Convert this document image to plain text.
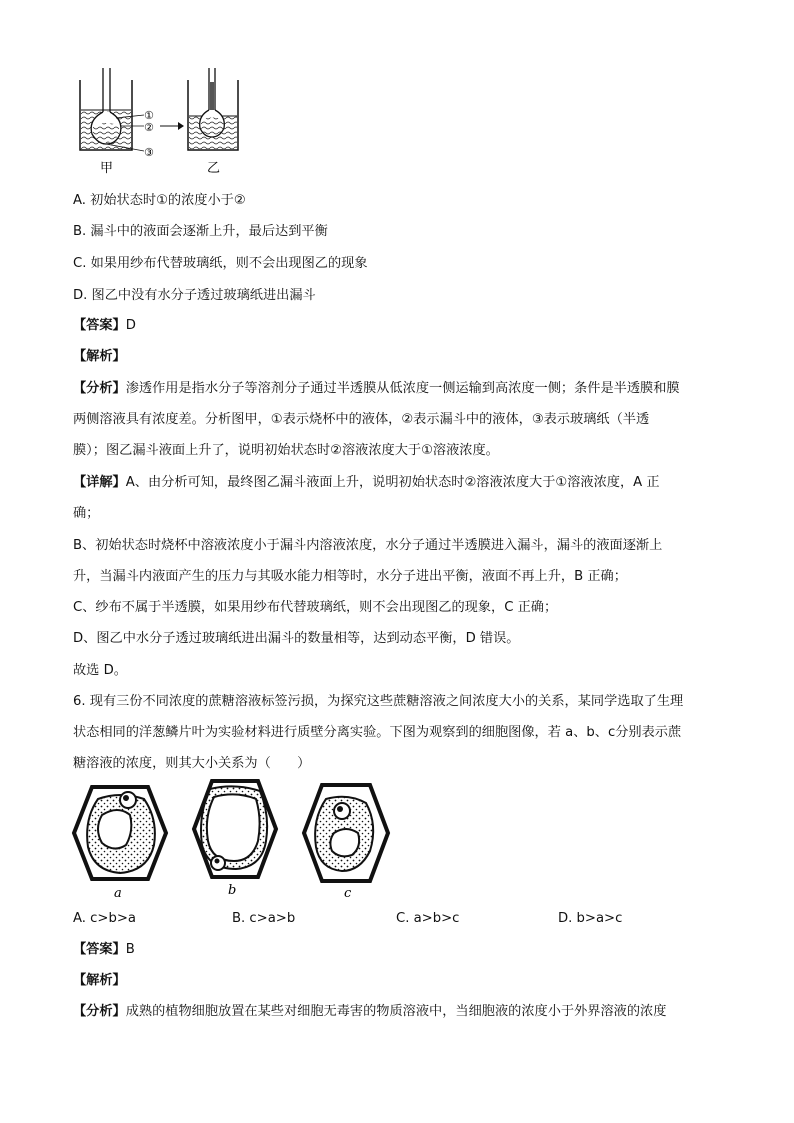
①
②
③
甲	乙
A. 初始状态时①的浓度小于②
B. 漏斗中的液面会逐渐上升，最后达到平衡
C. 如果用纱布代替玻璃纸，则不会出现图乙的现象
D. 图乙中没有水分子透过玻璃纸进出漏斗
【答案】D
【解析】
【分析】渗透作用是指水分子等溶剂分子通过半透膜从低浓度一侧运输到高浓度一侧；条件是半透膜和膜
两侧溶液具有浓度差。分析图甲，①表示烧杯中的液体，②表示漏斗中的液体，③表示玻璃纸（半透
膜）；图乙漏斗液面上升了，说明初始状态时②溶液浓度大于①溶液浓度。
【详解】A、由分析可知，最终图乙漏斗液面上升，说明初始状态时②溶液浓度大于①溶液浓度，A 正
确；
B、初始状态时烧杯中溶液浓度小于漏斗内溶液浓度，水分子通过半透膜进入漏斗，漏斗的液面逐渐上
升，当漏斗内液面产生的压力与其吸水能力相等时，水分子进出平衡，液面不再上升，B 正确；
C、纱布不属于半透膜，如果用纱布代替玻璃纸，则不会出现图乙的现象，C 正确；
D、图乙中水分子透过玻璃纸进出漏斗的数量相等，达到动态平衡，D 错误。
故选 D。
6. 现有三份不同浓度的蔗糖溶液标签污损，为探究这些蔗糖溶液之间浓度大小的关系，某同学选取了生理
状态相同的洋葱鳞片叶为实验材料进行质壁分离实验。下图为观察到的细胞图像，若 a、b、c分别表示蔗
糖溶液的浓度，则其大小关系为（　　）
a	b	c
A. c>b>a	B. c>a>b	C. a>b>c	D. b>a>c
【答案】B
【解析】
【分析】成熟的植物细胞放置在某些对细胞无毒害的物质溶液中，当细胞液的浓度小于外界溶液的浓度
